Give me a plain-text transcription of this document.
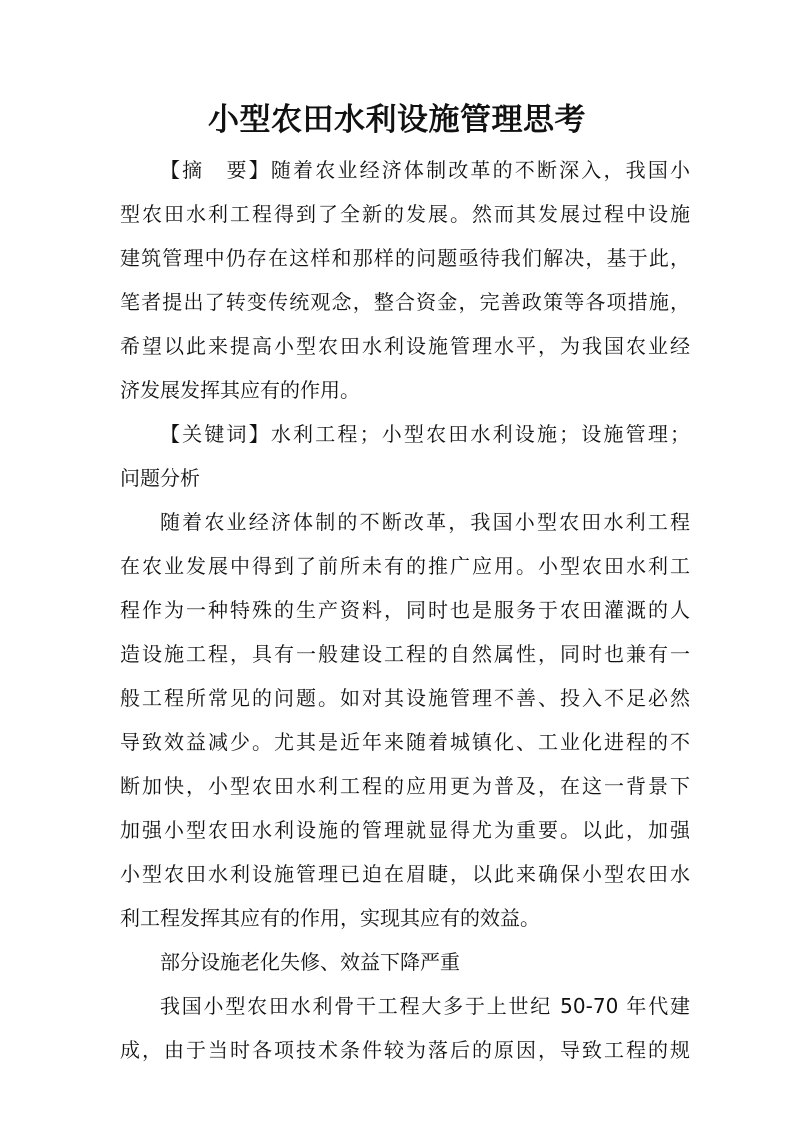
小型农田水利设施管理思考
【摘　要】随着农业经济体制改革的不断深入，我国小
型农田水利工程得到了全新的发展。然而其发展过程中设施
建筑管理中仍存在这样和那样的问题亟待我们解决，基于此，
笔者提出了转变传统观念，整合资金，完善政策等各项措施，
希望以此来提高小型农田水利设施管理水平，为我国农业经
济发展发挥其应有的作用。
【关键词】水利工程；小型农田水利设施；设施管理；
问题分析
随着农业经济体制的不断改革，我国小型农田水利工程
在农业发展中得到了前所未有的推广应用。小型农田水利工
程作为一种特殊的生产资料，同时也是服务于农田灌溉的人
造设施工程，具有一般建设工程的自然属性，同时也兼有一
般工程所常见的问题。如对其设施管理不善、投入不足必然
导致效益减少。尤其是近年来随着城镇化、工业化进程的不
断加快，小型农田水利工程的应用更为普及，在这一背景下
加强小型农田水利设施的管理就显得尤为重要。以此，加强
小型农田水利设施管理已迫在眉睫，以此来确保小型农田水
利工程发挥其应有的作用，实现其应有的效益。
部分设施老化失修、效益下降严重
我国小型农田水利骨干工程大多于上世纪 50-70 年代建
成，由于当时各项技术条件较为落后的原因，导致工程的规
